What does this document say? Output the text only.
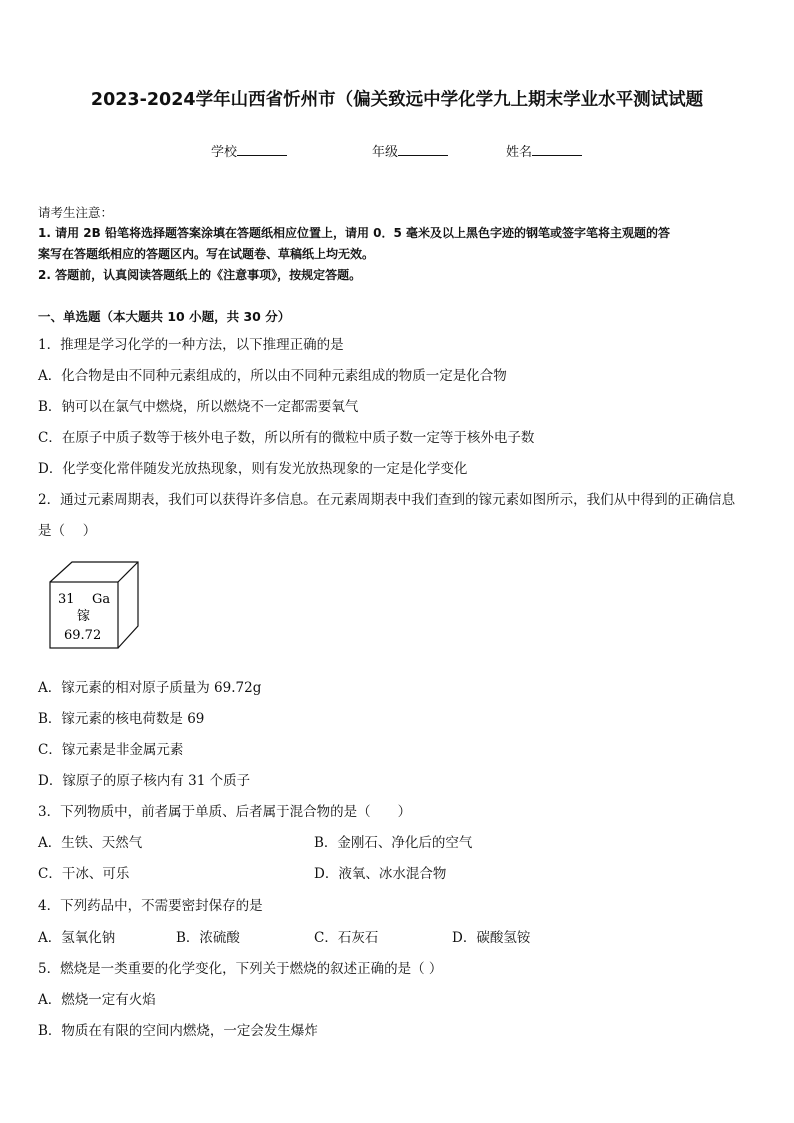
2023-2024学年山西省忻州市（偏关致远中学化学九上期末学业水平测试试题
学校	年级	姓名
请考生注意：
1. 请用 2B 铅笔将选择题答案涂填在答题纸相应位置上，请用 0．5 毫米及以上黑色字迹的钢笔或签字笔将主观题的答
案写在答题纸相应的答题区内。写在试题卷、草稿纸上均无效。
2. 答题前，认真阅读答题纸上的《注意事项》，按规定答题。
一、单选题（本大题共 10 小题，共 30 分）
1．推理是学习化学的一种方法，以下推理正确的是
A．化合物是由不同种元素组成的，所以由不同种元素组成的物质一定是化合物
B．钠可以在氯气中燃烧，所以燃烧不一定都需要氧气
C．在原子中质子数等于核外电子数，所以所有的微粒中质子数一定等于核外电子数
D．化学变化常伴随发光放热现象，则有发光放热现象的一定是化学变化
2．通过元素周期表，我们可以获得许多信息。在元素周期表中我们查到的镓元素如图所示，我们从中得到的正确信息
是（　 ）
31 Ga
镓
69.72
A．镓元素的相对原子质量为 69.72g
B．镓元素的核电荷数是 69
C．镓元素是非金属元素
D．镓原子的原子核内有 31 个质子
3．下列物质中，前者属于单质、后者属于混合物的是（　　）
A．生铁、天然气	B．金刚石、净化后的空气
C．干冰、可乐	D．液氧、冰水混合物
4．下列药品中，不需要密封保存的是
A．氢氧化钠	B．浓硫酸	C．石灰石	D．碳酸氢铵
5．燃烧是一类重要的化学变化，下列关于燃烧的叙述正确的是（ ）
A．燃烧一定有火焰
B．物质在有限的空间内燃烧，一定会发生爆炸
